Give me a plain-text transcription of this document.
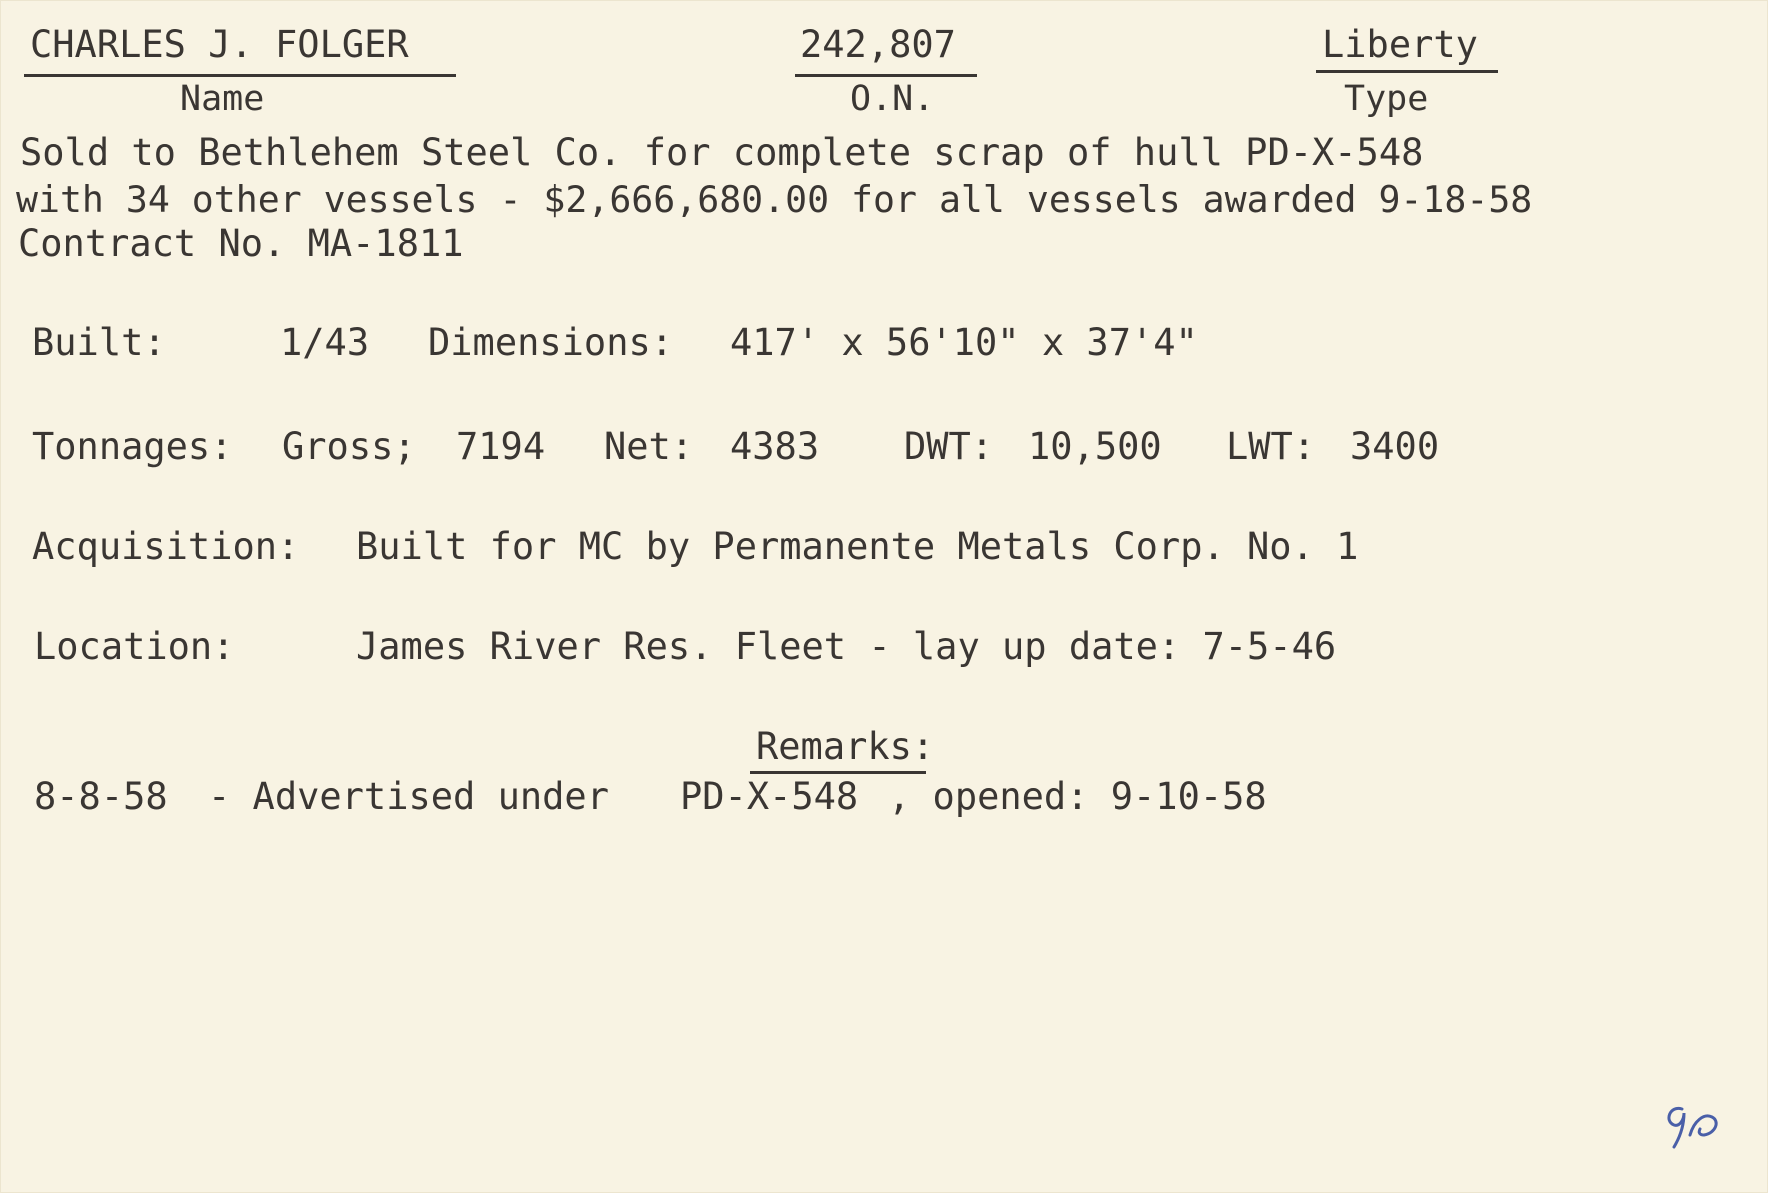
CHARLES J. FOLGER
Name
242,807
O.N.
Liberty
Type
Sold to Bethlehem Steel Co. for complete scrap of hull PD-X-548
with 34 other vessels - $2,666,680.00 for all vessels awarded 9-18-58
Contract No. MA-1811
Built:	1/43 Dimensions: 417' x 56'10" x 37'4"
Tonnages: Gross; 7194 Net: 4383 DWT: 10,500 LWT: 3400
Acquisition: Built for MC by Permanente Metals Corp. No. 1
Location:	James River Res. Fleet - lay up date: 7-5-46
Remarks:
8-8-58 - Advertised under PD-X-548 , opened: 9-10-58
